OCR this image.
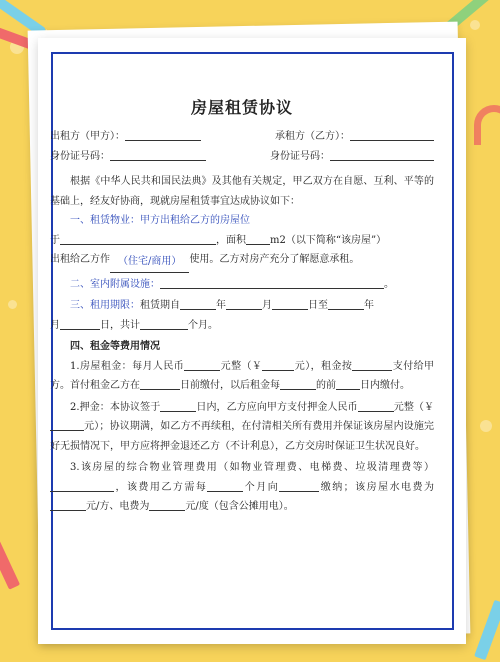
房屋租赁协议
出租方（甲方）：	承租方（乙方）：
身份证号码：	身份证号码：
根据《中华人民共和国民法典》及其他有关规定，甲乙双方在自愿、互利、平等的基础上，经友好协商，现就房屋租赁事宜达成协议如下：
一、租赁物业：甲方出租给乙方的房屋位
于	，面积 m2（以下简称“该房屋”）
出租给乙方作 （住宅/商用） 使用。乙方对房产充分了解愿意承租。
二、室内附属设施：	。
三、租用期限：租赁期自	年	月	日至	年
月	日，共计	个月。
四、租金等费用情况
1.房屋租金：每月人民币	元整（￥	元），租金按	支付给甲方。首付租金乙方在	日前缴付，以后租金每	的前 日内缴付。
2.押金：本协议签于	日内，乙方应向甲方支付押金人民币	元整（￥元）；协议期满，如乙方不再续租，在付清相关所有费用并保证该房屋内设施完好无损情况下，甲方应将押金退还乙方（不计利息），乙方交房时保证卫生状况良好。
3.该房屋的综合物业管理费用（如物业管理费、电梯费、垃圾清理费等），该费用乙方需每	个月向	缴纳；该房屋水电费为元/方、电费为	元/度（包含公摊用电）。
